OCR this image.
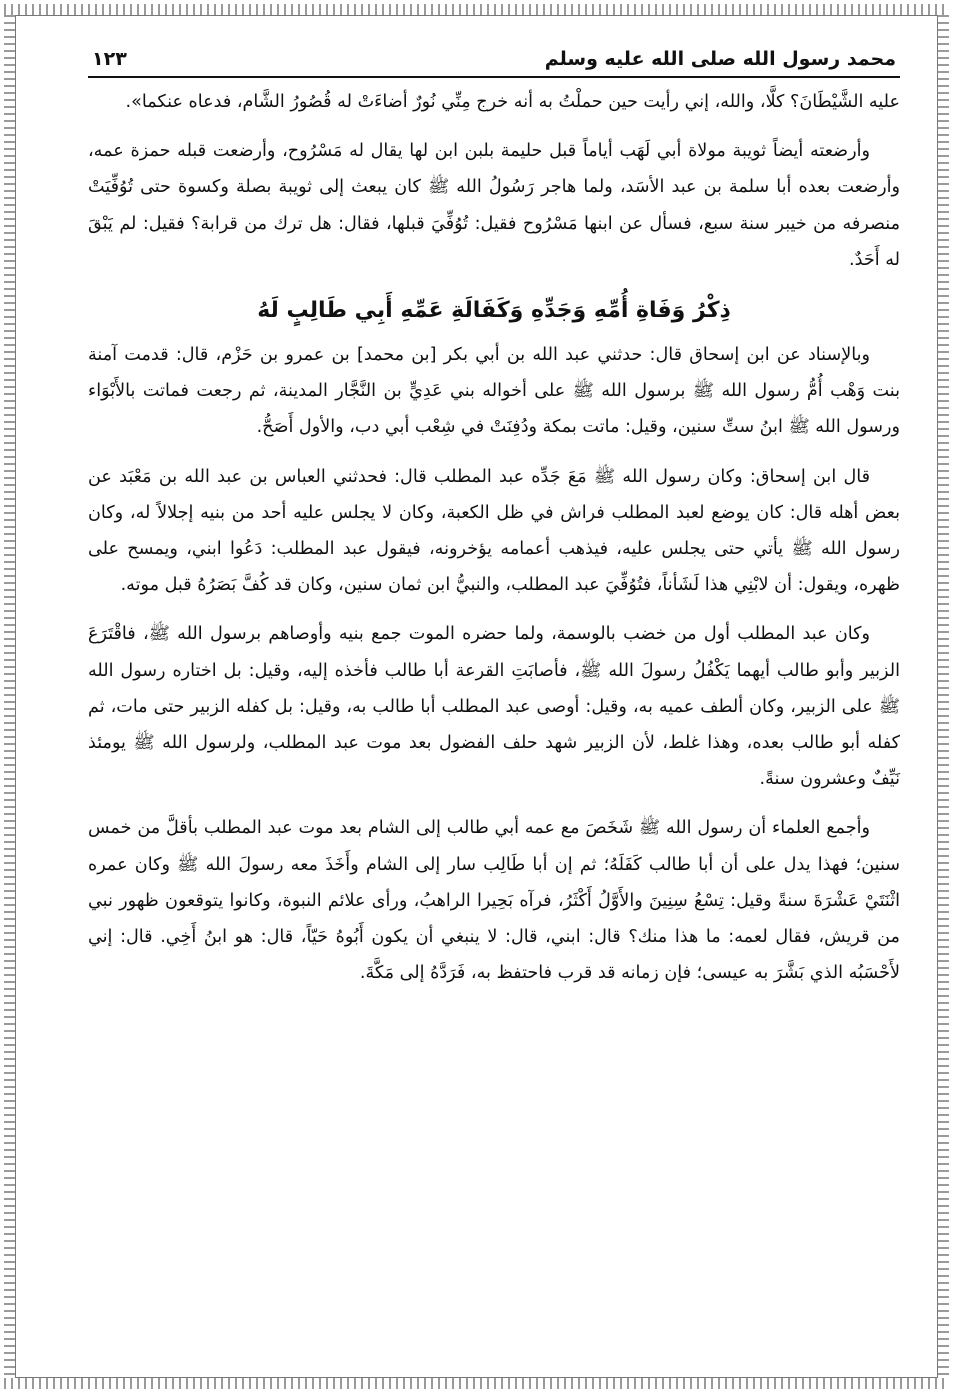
محمد رسول الله صلى الله عليه وسلم
١٢٣

عليه الشَّيْطَانَ؟ كلَّا، والله، إني رأيت حين حملْتُ به أنه خرج مِنِّي نُورٌ أضاءَتْ له قُصُورُ الشَّام، فدعاه عنكما».

وأرضعته أيضاً ثويبة مولاة أبي لَهَب أياماً قبل حليمة بلبن ابن لها يقال له مَسْرُوح، وأرضعت قبله حمزة عمه، وأرضعت بعده أبا سلمة بن عبد الأسَد، ولما هاجر رَسُولُ الله ﷺ كان يبعث إلى ثويبة بصلة وكسوة حتى تُوُفِّيَتْ منصرفه من خيبر سنة سبع، فسأل عن ابنها مَسْرُوح فقيل: تُوُفِّيَ قبلها، فقال: هل ترك من قرابة؟ فقيل: لم يَبْقَ له أَحَدٌ.

ذِكْرُ وَفَاةِ أُمِّهِ وَجَدِّهِ وَكَفَالَةِ عَمِّهِ أَبِي طَالِبٍ لَهُ

وبالإسناد عن ابن إسحاق قال: حدثني عبد الله بن أبي بكر [بن محمد] بن عمرو بن حَزْم، قال: قدمت آمنة بنت وَهْب أُمُّ رسول الله ﷺ برسول الله ﷺ على أخواله بني عَدِيٍّ بن النَّجَّار المدينة، ثم رجعت فماتت بالأَبْوَاء ورسول الله ﷺ ابنُ ستِّ سنين، وقيل: ماتت بمكة ودُفِنَتْ في شِعْب أبي دب، والأول أَصَحُّ.

قال ابن إسحاق: وكان رسول الله ﷺ مَعَ جَدِّه عبد المطلب قال: فحدثني العباس بن عبد الله بن مَعْبَد عن بعض أهله قال: كان يوضع لعبد المطلب فراش في ظل الكعبة، وكان لا يجلس عليه أحد من بنيه إجلالاً له، وكان رسول الله ﷺ يأتي حتى يجلس عليه، فيذهب أعمامه يؤخرونه، فيقول عبد المطلب: دَعُوا ابني، ويمسح على ظهره، ويقول: أن لابْنِي هذا لَشَأناً، فتُوُفِّيَ عبد المطلب، والنبيُّ ابن ثمان سنين، وكان قد كُفَّ بَصَرُهُ قبل موته.

وكان عبد المطلب أول من خضب بالوسمة، ولما حضره الموت جمع بنيه وأوصاهم برسول الله ﷺ، فاقْتَرَعَ الزبير وأبو طالب أيهما يَكْفُلُ رسولَ الله ﷺ، فأصابَتِ القرعة أبا طالب فأخذه إليه، وقيل: بل اختاره رسول الله ﷺ على الزبير، وكان ألطف عميه به، وقيل: أوصى عبد المطلب أبا طالب به، وقيل: بل كفله الزبير حتى مات، ثم كفله أبو طالب بعده، وهذا غلط، لأن الزبير شهد حلف الفضول بعد موت عبد المطلب، ولرسول الله ﷺ يومئذ نَيِّفٌ وعشرون سنةً.

وأجمع العلماء أن رسول الله ﷺ شَخَصَ مع عمه أبي طالب إلى الشام بعد موت عبد المطلب بأقلَّ من خمس سنين؛ فهذا يدل على أن أبا طالب كَفَلَهُ؛ ثم إن أبا طَالِب سار إلى الشام وأَخَذَ معه رسولَ الله ﷺ وكان عمره اثْنَتَيْ عَشْرَةَ سنةً وقيل: تِسْعُ سِنِينَ والأَوَّلُ أَكْثَرُ، فرآه بَحِيرا الراهبُ، ورأى علائم النبوة، وكانوا يتوقعون ظهور نبي من قريش، فقال لعمه: ما هذا منك؟ قال: ابني، قال: لا ينبغي أن يكون أَبُوهُ حَيّاً، قال: هو ابنُ أَخِي. قال: إني لأَحْسَبُه الذي بَشَّرَ به عيسى؛ فإن زمانه قد قرب فاحتفظ به، فَرَدَّهُ إلى مَكَّةَ.
